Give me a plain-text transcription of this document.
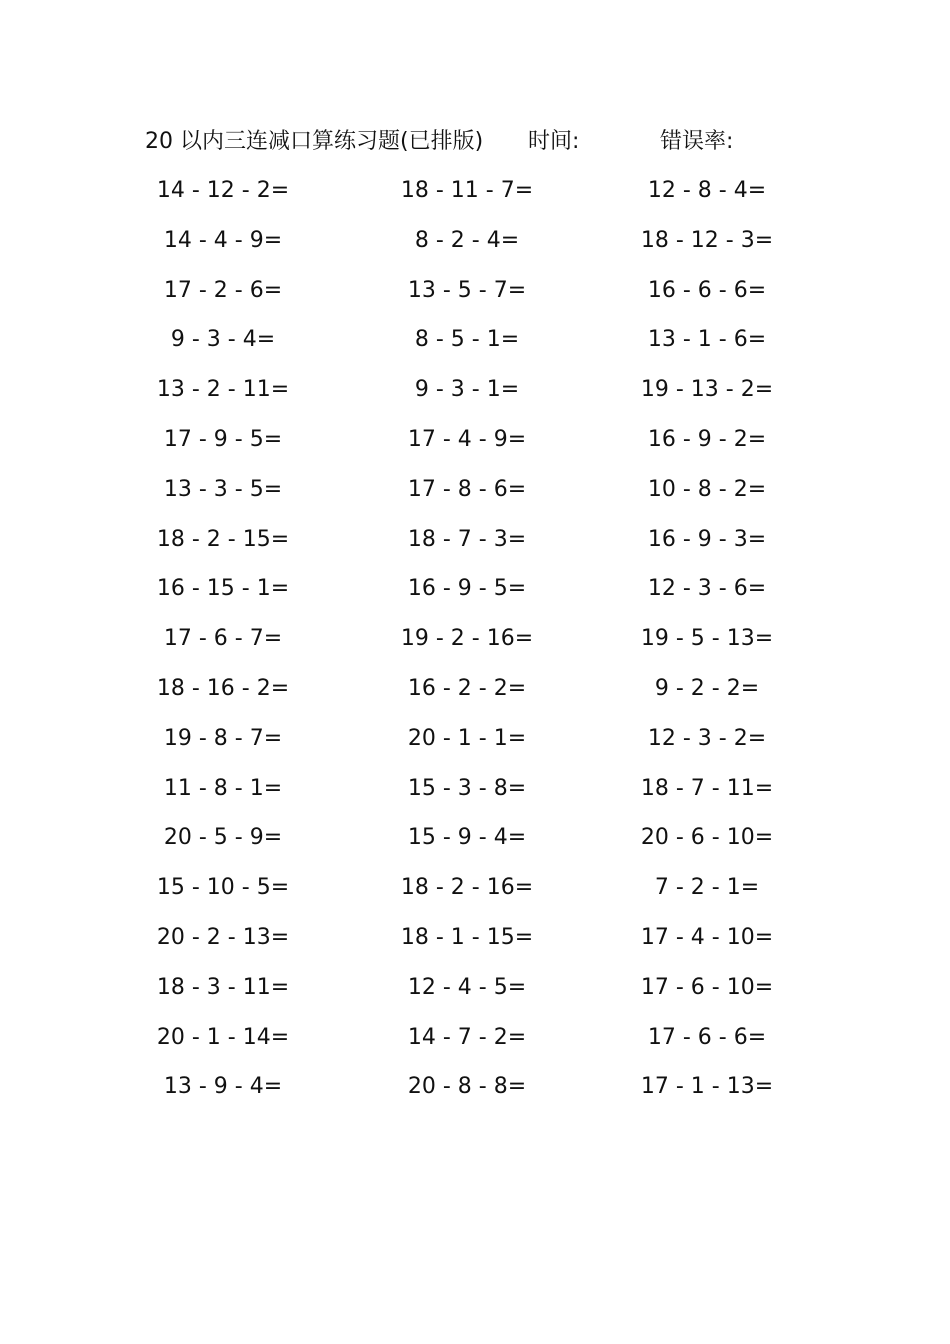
20 以内三连减口算练习题(已排版) 时间:	错误率:
14 - 12 - 2=	18 - 11 - 7=	12 - 8 - 4=
14 - 4 - 9=	8 - 2 - 4=	18 - 12 - 3=
17 - 2 - 6=	13 - 5 - 7=	16 - 6 - 6=
9 - 3 - 4=	8 - 5 - 1=	13 - 1 - 6=
13 - 2 - 11=	9 - 3 - 1=	19 - 13 - 2=
17 - 9 - 5=	17 - 4 - 9=	16 - 9 - 2=
13 - 3 - 5=	17 - 8 - 6=	10 - 8 - 2=
18 - 2 - 15=	18 - 7 - 3=	16 - 9 - 3=
16 - 15 - 1=	16 - 9 - 5=	12 - 3 - 6=
17 - 6 - 7=	19 - 2 - 16=	19 - 5 - 13=
18 - 16 - 2=	16 - 2 - 2=	9 - 2 - 2=
19 - 8 - 7=	20 - 1 - 1=	12 - 3 - 2=
11 - 8 - 1=	15 - 3 - 8=	18 - 7 - 11=
20 - 5 - 9=	15 - 9 - 4=	20 - 6 - 10=
15 - 10 - 5=	18 - 2 - 16=	7 - 2 - 1=
20 - 2 - 13=	18 - 1 - 15=	17 - 4 - 10=
18 - 3 - 11=	12 - 4 - 5=	17 - 6 - 10=
20 - 1 - 14=	14 - 7 - 2=	17 - 6 - 6=
13 - 9 - 4=	20 - 8 - 8=	17 - 1 - 13=
